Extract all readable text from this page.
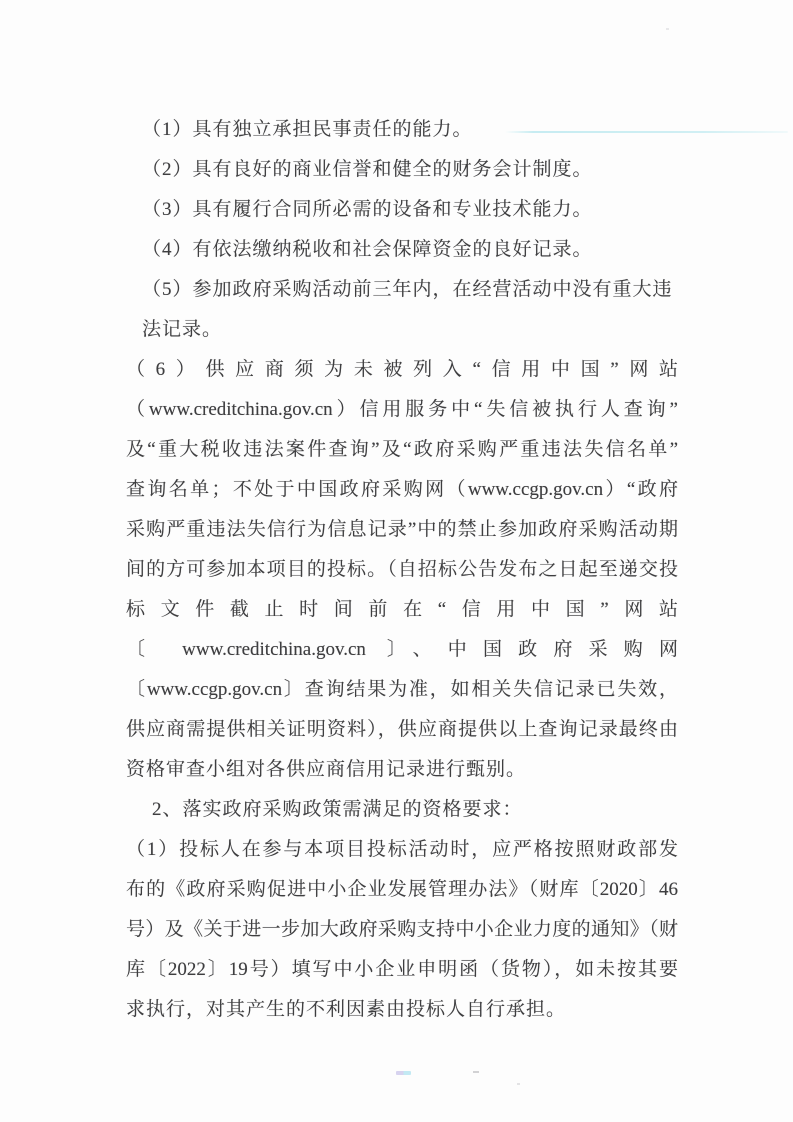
（1）具有独立承担民事责任的能力。

（2）具有良好的商业信誉和健全的财务会计制度。

（3）具有履行合同所必需的设备和专业技术能力。

（4）有依法缴纳税收和社会保障资金的良好记录。

（5）参加政府采购活动前三年内，在经营活动中没有重大违

法记录。

（6）供应商须为未被列入“信用中国”网站

（www.creditchina.gov.cn）信用服务中“失信被执行人查询”

及“重大税收违法案件查询”及“政府采购严重违法失信名单”

查询名单；不处于中国政府采购网（www.ccgp.gov.cn）“政府

采购严重违法失信行为信息记录”中的禁止参加政府采购活动期

间的方可参加本项目的投标。（自招标公告发布之日起至递交投

标文件截止时间前在“信用中国”网站

〔 www.creditchina.gov.cn 〕、中国政府采购网

〔www.ccgp.gov.cn〕查询结果为准，如相关失信记录已失效，

供应商需提供相关证明资料），供应商提供以上查询记录最终由

资格审查小组对各供应商信用记录进行甄别。

2、落实政府采购政策需满足的资格要求：

（1）投标人在参与本项目投标活动时，应严格按照财政部发

布的《政府采购促进中小企业发展管理办法》（财库〔2020〕46

号）及《关于进一步加大政府采购支持中小企业力度的通知》（财

库〔2022〕19号）填写中小企业申明函（货物），如未按其要

求执行，对其产生的不利因素由投标人自行承担。
